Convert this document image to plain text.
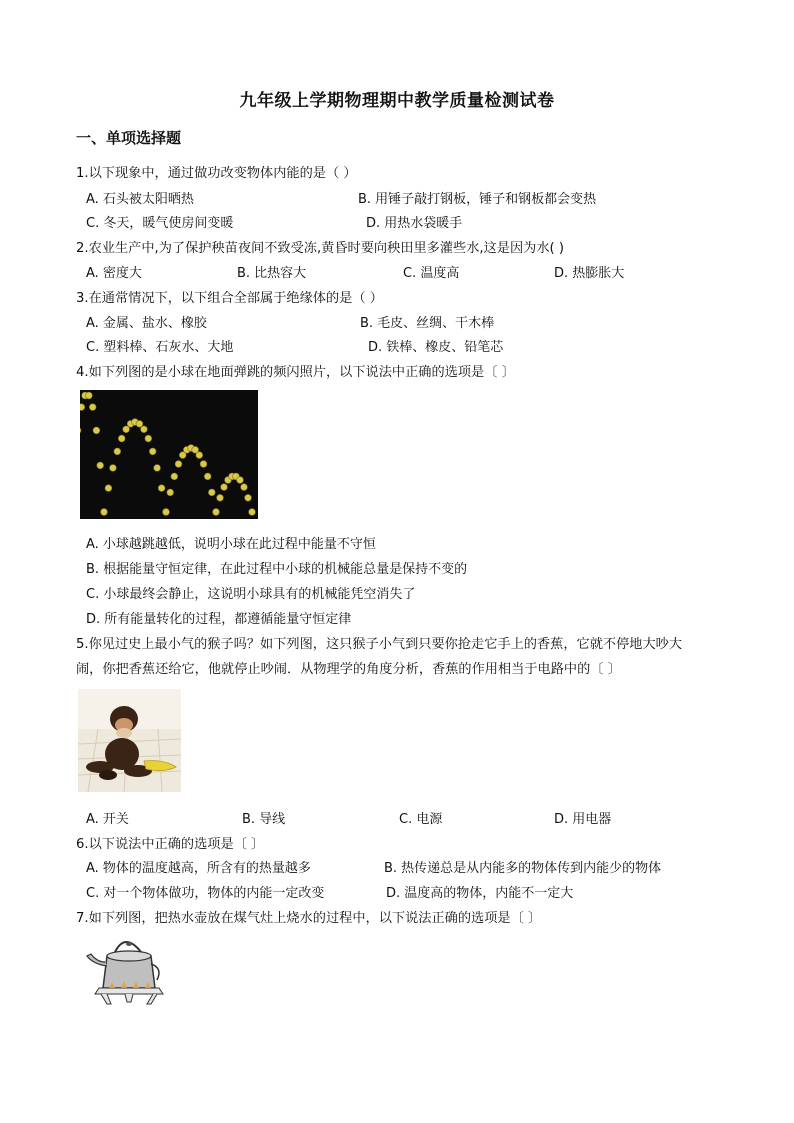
九年级上学期物理期中教学质量检测试卷
一、单项选择题
1.以下现象中，通过做功改变物体内能的是（ ）
A. 石头被太阳晒热	B. 用锤子敲打钢板，锤子和钢板都会变热
C. 冬天，暖气使房间变暖	D. 用热水袋暖手
2.农业生产中,为了保护秧苗夜间不致受冻,黄昏时要向秧田里多灌些水,这是因为水( )
A. 密度大	B. 比热容大	C. 温度高	D. 热膨胀大
3.在通常情况下，以下组合全部属于绝缘体的是（ ）
A. 金属、盐水、橡胶	B. 毛皮、丝绸、干木棒
C. 塑料棒、石灰水、大地	D. 铁棒、橡皮、铅笔芯
4.如下列图的是小球在地面弹跳的频闪照片，以下说法中正确的选项是〔 〕
A. 小球越跳越低，说明小球在此过程中能量不守恒
B. 根据能量守恒定律，在此过程中小球的机械能总量是保持不变的
C. 小球最终会静止，这说明小球具有的机械能凭空消失了
D. 所有能量转化的过程，都遵循能量守恒定律
5.你见过史上最小气的猴子吗？如下列图，这只猴子小气到只要你抢走它手上的香蕉，它就不停地大吵大
闹，你把香蕉还给它，他就停止吵闹．从物理学的角度分析，香蕉的作用相当于电路中的〔 〕
A. 开关	B. 导线	C. 电源	D. 用电器
6.以下说法中正确的选项是〔 〕
A. 物体的温度越高，所含有的热量越多	B. 热传递总是从内能多的物体传到内能少的物体
C. 对一个物体做功，物体的内能一定改变	D. 温度高的物体，内能不一定大
7.如下列图，把热水壶放在煤气灶上烧水的过程中，以下说法正确的选项是〔 〕
